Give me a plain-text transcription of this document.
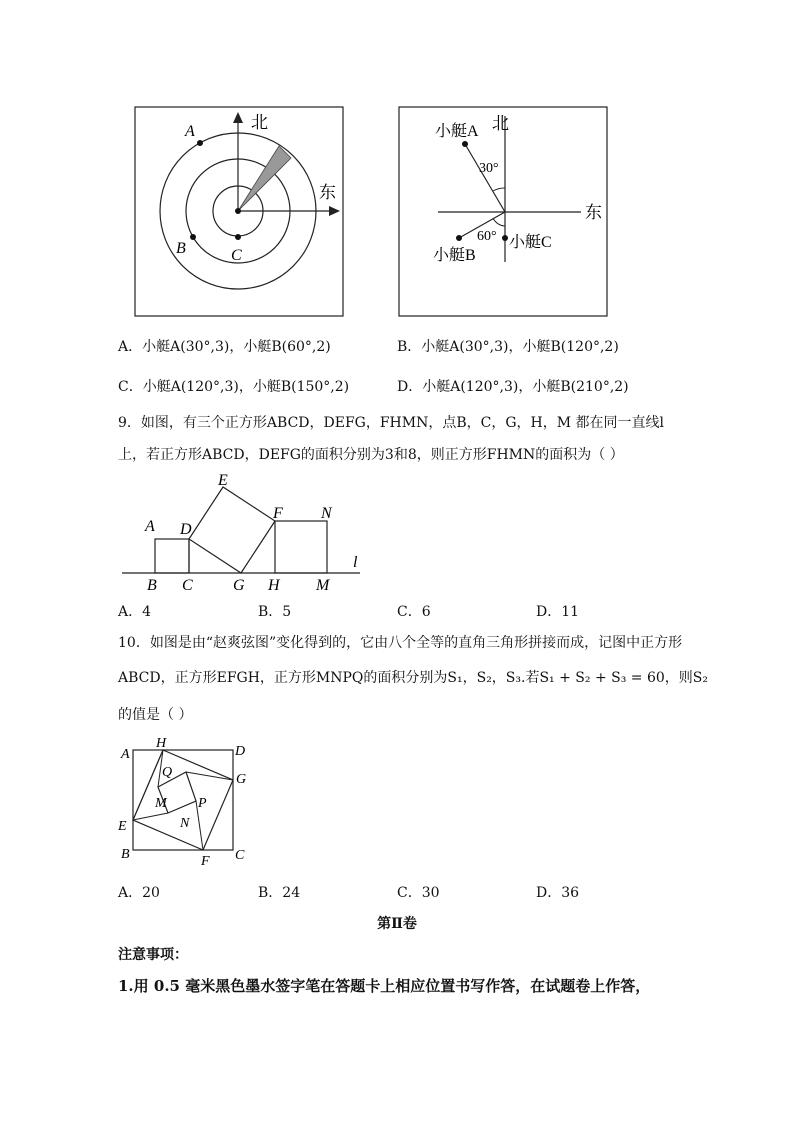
北
东
A
B	C
北
东
小艇A
小艇B
小艇C
30°
60°
A．小艇A(30°,3)，小艇B(60°,2)	B．小艇A(30°,3)，小艇B(120°,2)
C．小艇A(120°,3)，小艇B(150°,2)	D．小艇A(120°,3)，小艇B(210°,2)
9．如图，有三个正方形ABCD，DEFG，FHMN，点B，C，G，H，M 都在同一直线l
上，若正方形ABCD，DEFG的面积分别为3和8，则正方形FHMN的面积为（ ）
A
B C
D
E
F
G H M
N
l
A．4	B．5	C．6	D．11
10．如图是由“赵爽弦图”变化得到的，它由八个全等的直角三角形拼接而成，记图中正方形
ABCD，正方形EFGH，正方形MNPQ的面积分别为S₁，S₂，S₃.若S₁ + S₂ + S₃ = 60，则S₂
的值是（ ）
A
B	C
D
E
F
G
H
M
N
P
Q
A．20	B．24	C．30	D．36
第Ⅱ卷
注意事项：
1.用 0.5 毫米黑色墨水签字笔在答题卡上相应位置书写作答，在试题卷上作答，
